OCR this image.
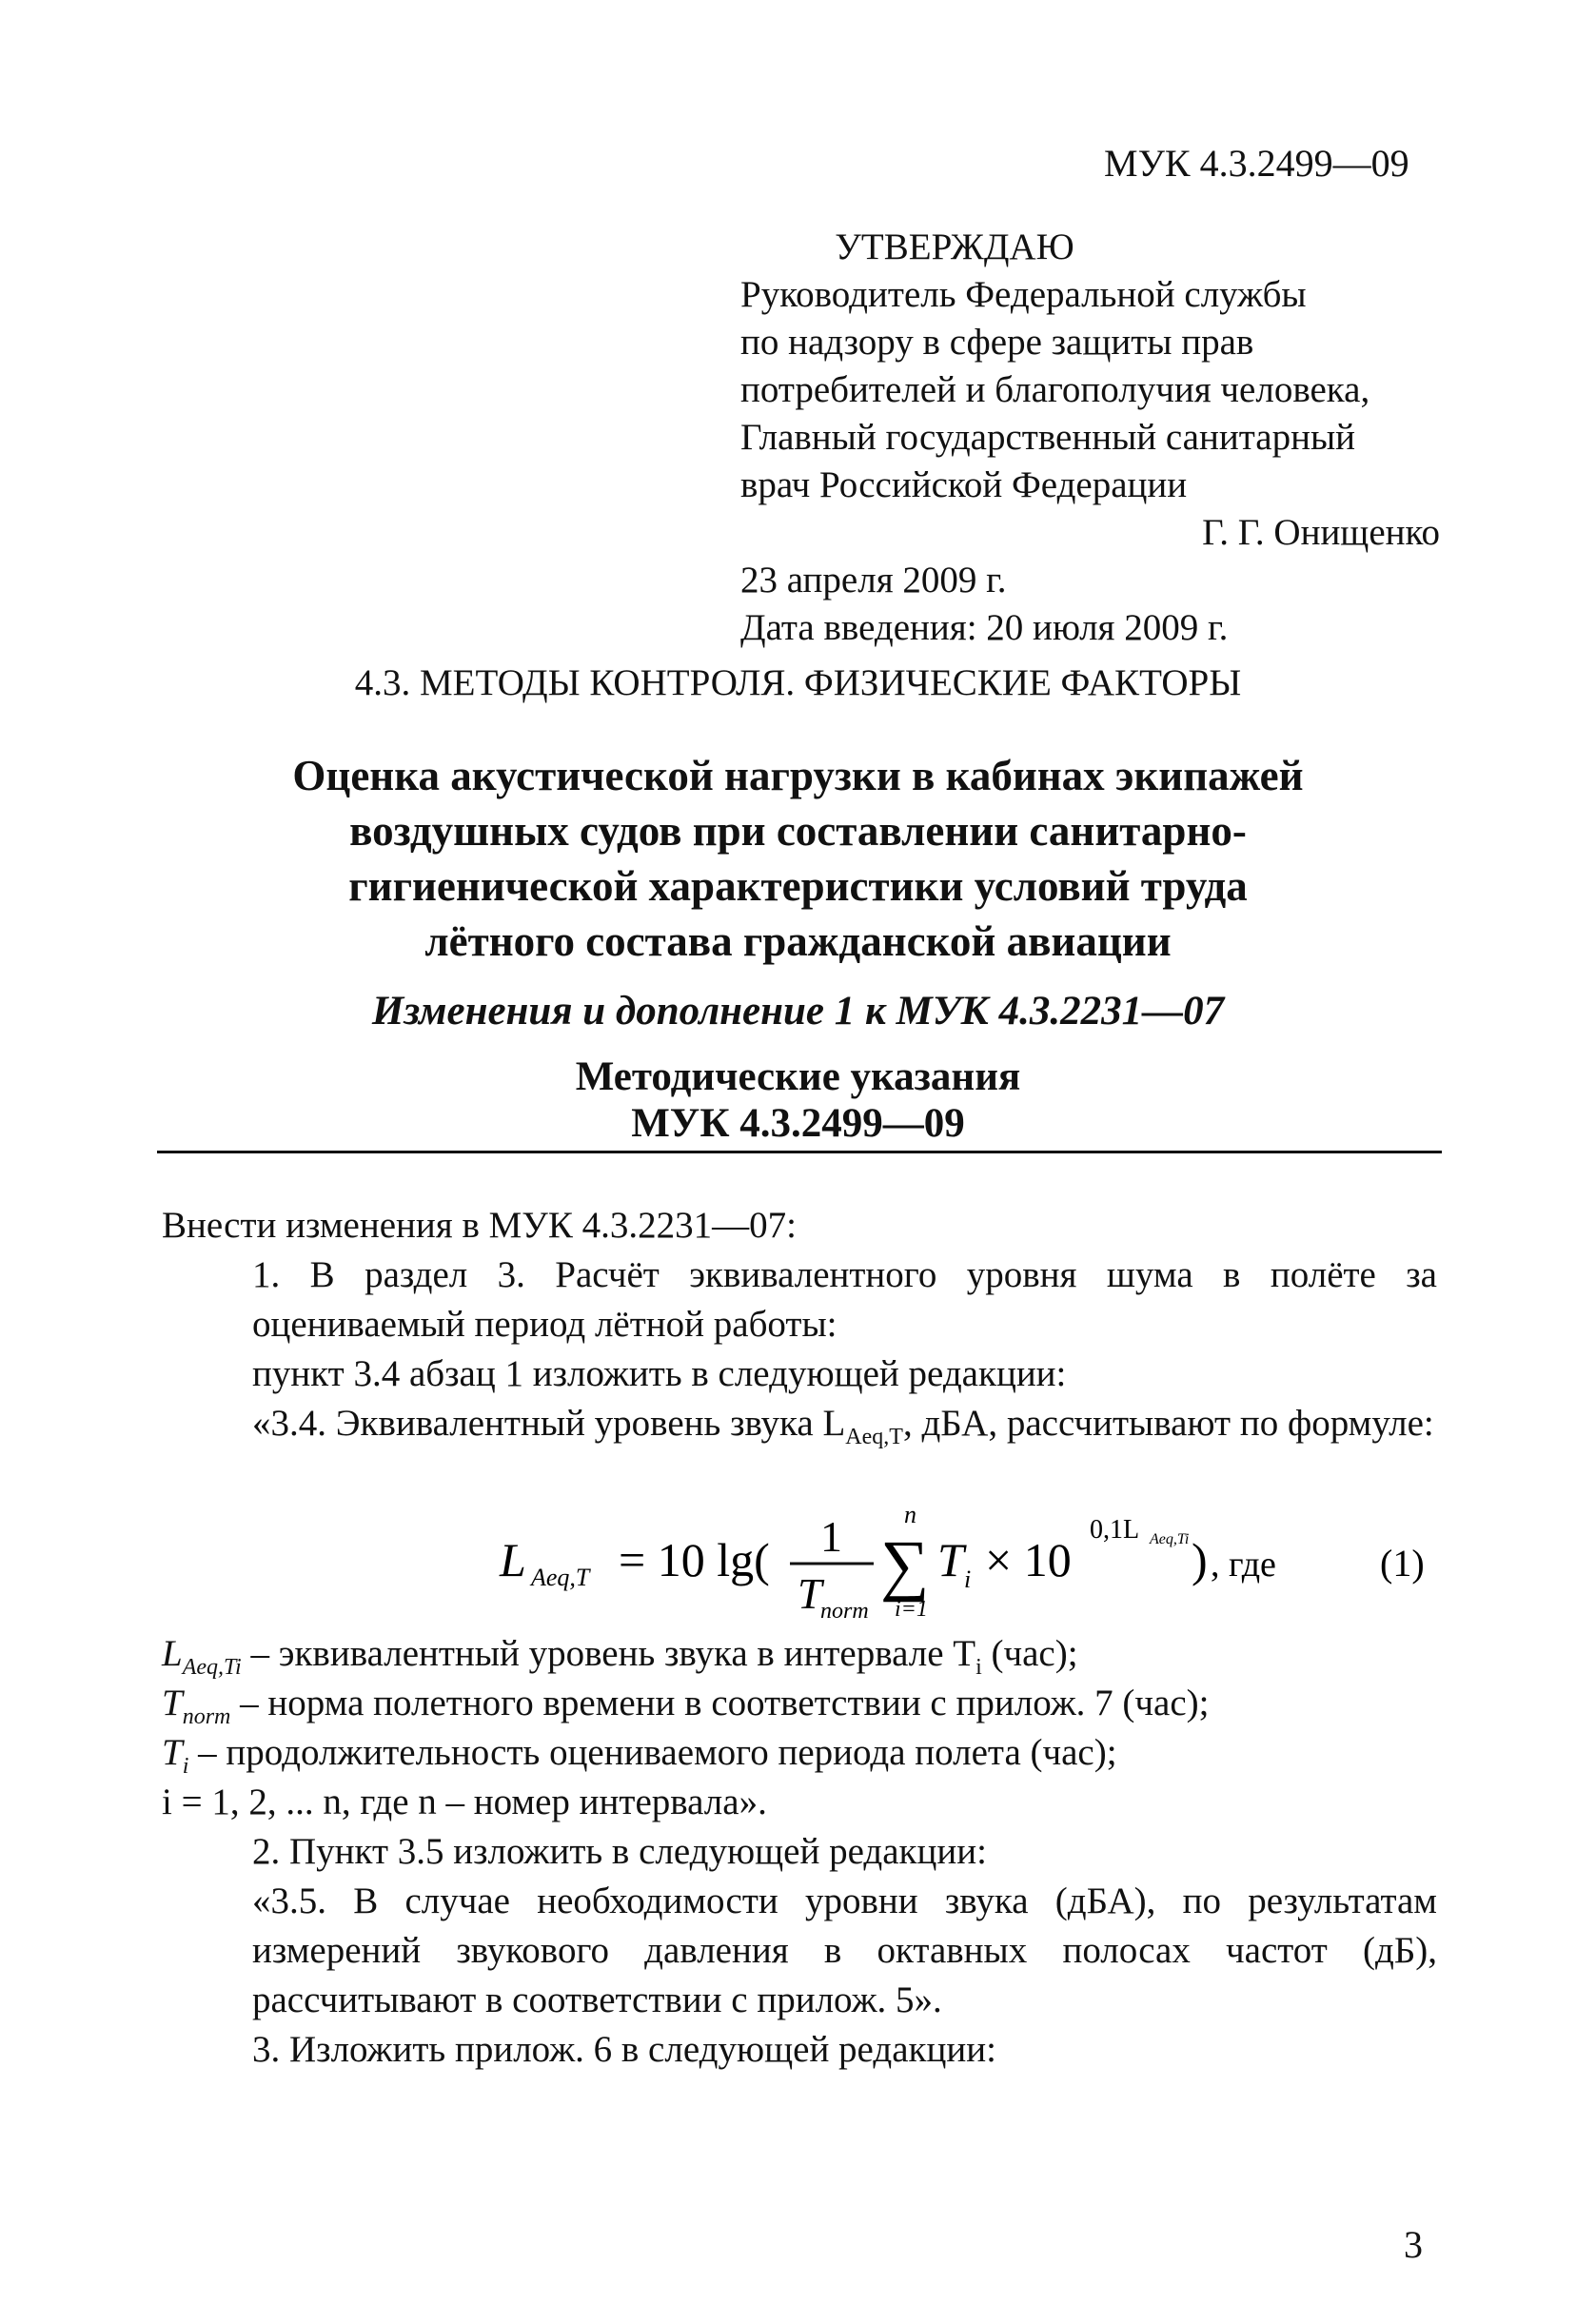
МУК 4.3.2499—09
УТВЕРЖДАЮ
Руководитель Федеральной службы
по надзору в сфере защиты прав
потребителей и благополучия человека,
Главный государственный санитарный
врач Российской Федерации
Г. Г. Онищенко
23 апреля 2009 г.
Дата введения: 20 июля 2009 г.
4.3. МЕТОДЫ КОНТРОЛЯ. ФИЗИЧЕСКИЕ ФАКТОРЫ
Оценка акустической нагрузки в кабинах экипажей
воздушных судов при составлении санитарно-
гигиенической характеристики условий труда
лётного состава гражданской авиации
Изменения и дополнение 1 к МУК 4.3.2231—07
Методические указания
МУК 4.3.2499—09
Внести изменения в МУК 4.3.2231—07:
1. В раздел 3. Расчёт эквивалентного уровня шума в полёте за оцениваемый период лётной работы:
пункт 3.4 абзац 1 изложить в следующей редакции:
«3.4. Эквивалентный уровень звука $L_{Aeq,T}$, дБА, рассчитывают по формуле:
L Aeq,T = 10 lg( 1
T
norm
n
∑
i=1
T i × 10
0,1L Aeq,Ti ) , где	(1)
$L_{Aeq,Ti}$ – эквивалентный уровень звука в интервале $T_i$ (час);
$T_{norm}$ – норма полетного времени в соответствии с прилож. 7 (час);
$T_i$ – продолжительность оцениваемого периода полета (час);
i = 1, 2, ... n, где n – номер интервала».
2. Пункт 3.5 изложить в следующей редакции:
«3.5. В случае необходимости уровни звука (дБА), по результатам измерений звукового давления в октавных полосах частот (дБ), рассчитывают в соответствии с прилож. 5».
3. Изложить прилож. 6 в следующей редакции:
3
